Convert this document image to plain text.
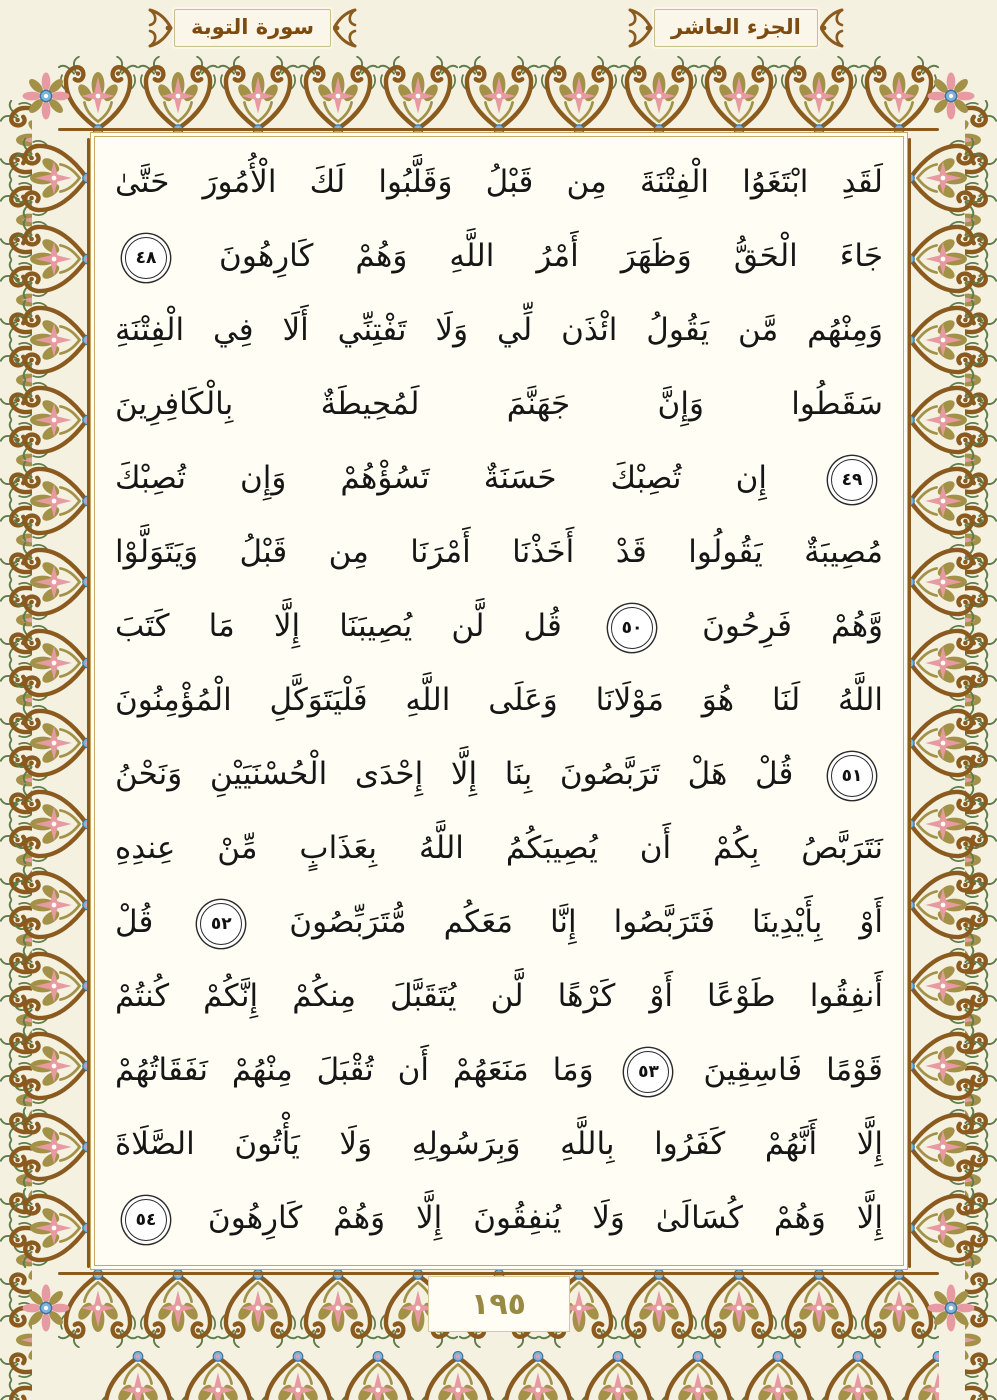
سورة التوبة	الجزء العاشر
لَقَدِ ابْتَغَوُا الْفِتْنَةَ مِن قَبْلُ وَقَلَّبُوا لَكَ الْأُمُورَ حَتَّىٰ
جَاءَ الْحَقُّ وَظَهَرَ أَمْرُ اللَّهِ وَهُمْ كَارِهُونَ ٤٨
وَمِنْهُم مَّن يَقُولُ ائْذَن لِّي وَلَا تَفْتِنِّي أَلَا فِي الْفِتْنَةِ
سَقَطُوا وَإِنَّ جَهَنَّمَ لَمُحِيطَةٌ بِالْكَافِرِينَ
٤٩ إِن تُصِبْكَ حَسَنَةٌ تَسُؤْهُمْ وَإِن تُصِبْكَ
مُصِيبَةٌ يَقُولُوا قَدْ أَخَذْنَا أَمْرَنَا مِن قَبْلُ وَيَتَوَلَّوْا
وَّهُمْ فَرِحُونَ ٥٠ قُل لَّن يُصِيبَنَا إِلَّا مَا كَتَبَ
اللَّهُ لَنَا هُوَ مَوْلَانَا وَعَلَى اللَّهِ فَلْيَتَوَكَّلِ الْمُؤْمِنُونَ
٥١ قُلْ هَلْ تَرَبَّصُونَ بِنَا إِلَّا إِحْدَى الْحُسْنَيَيْنِ وَنَحْنُ
نَتَرَبَّصُ بِكُمْ أَن يُصِيبَكُمُ اللَّهُ بِعَذَابٍ مِّنْ عِندِهِ
أَوْ بِأَيْدِينَا فَتَرَبَّصُوا إِنَّا مَعَكُم مُّتَرَبِّصُونَ ٥٢ قُلْ
أَنفِقُوا طَوْعًا أَوْ كَرْهًا لَّن يُتَقَبَّلَ مِنكُمْ إِنَّكُمْ كُنتُمْ
قَوْمًا فَاسِقِينَ ٥٣ وَمَا مَنَعَهُمْ أَن تُقْبَلَ مِنْهُمْ نَفَقَاتُهُمْ
إِلَّا أَنَّهُمْ كَفَرُوا بِاللَّهِ وَبِرَسُولِهِ وَلَا يَأْتُونَ الصَّلَاةَ
إِلَّا وَهُمْ كُسَالَىٰ وَلَا يُنفِقُونَ إِلَّا وَهُمْ كَارِهُونَ ٥٤
١٩٥
